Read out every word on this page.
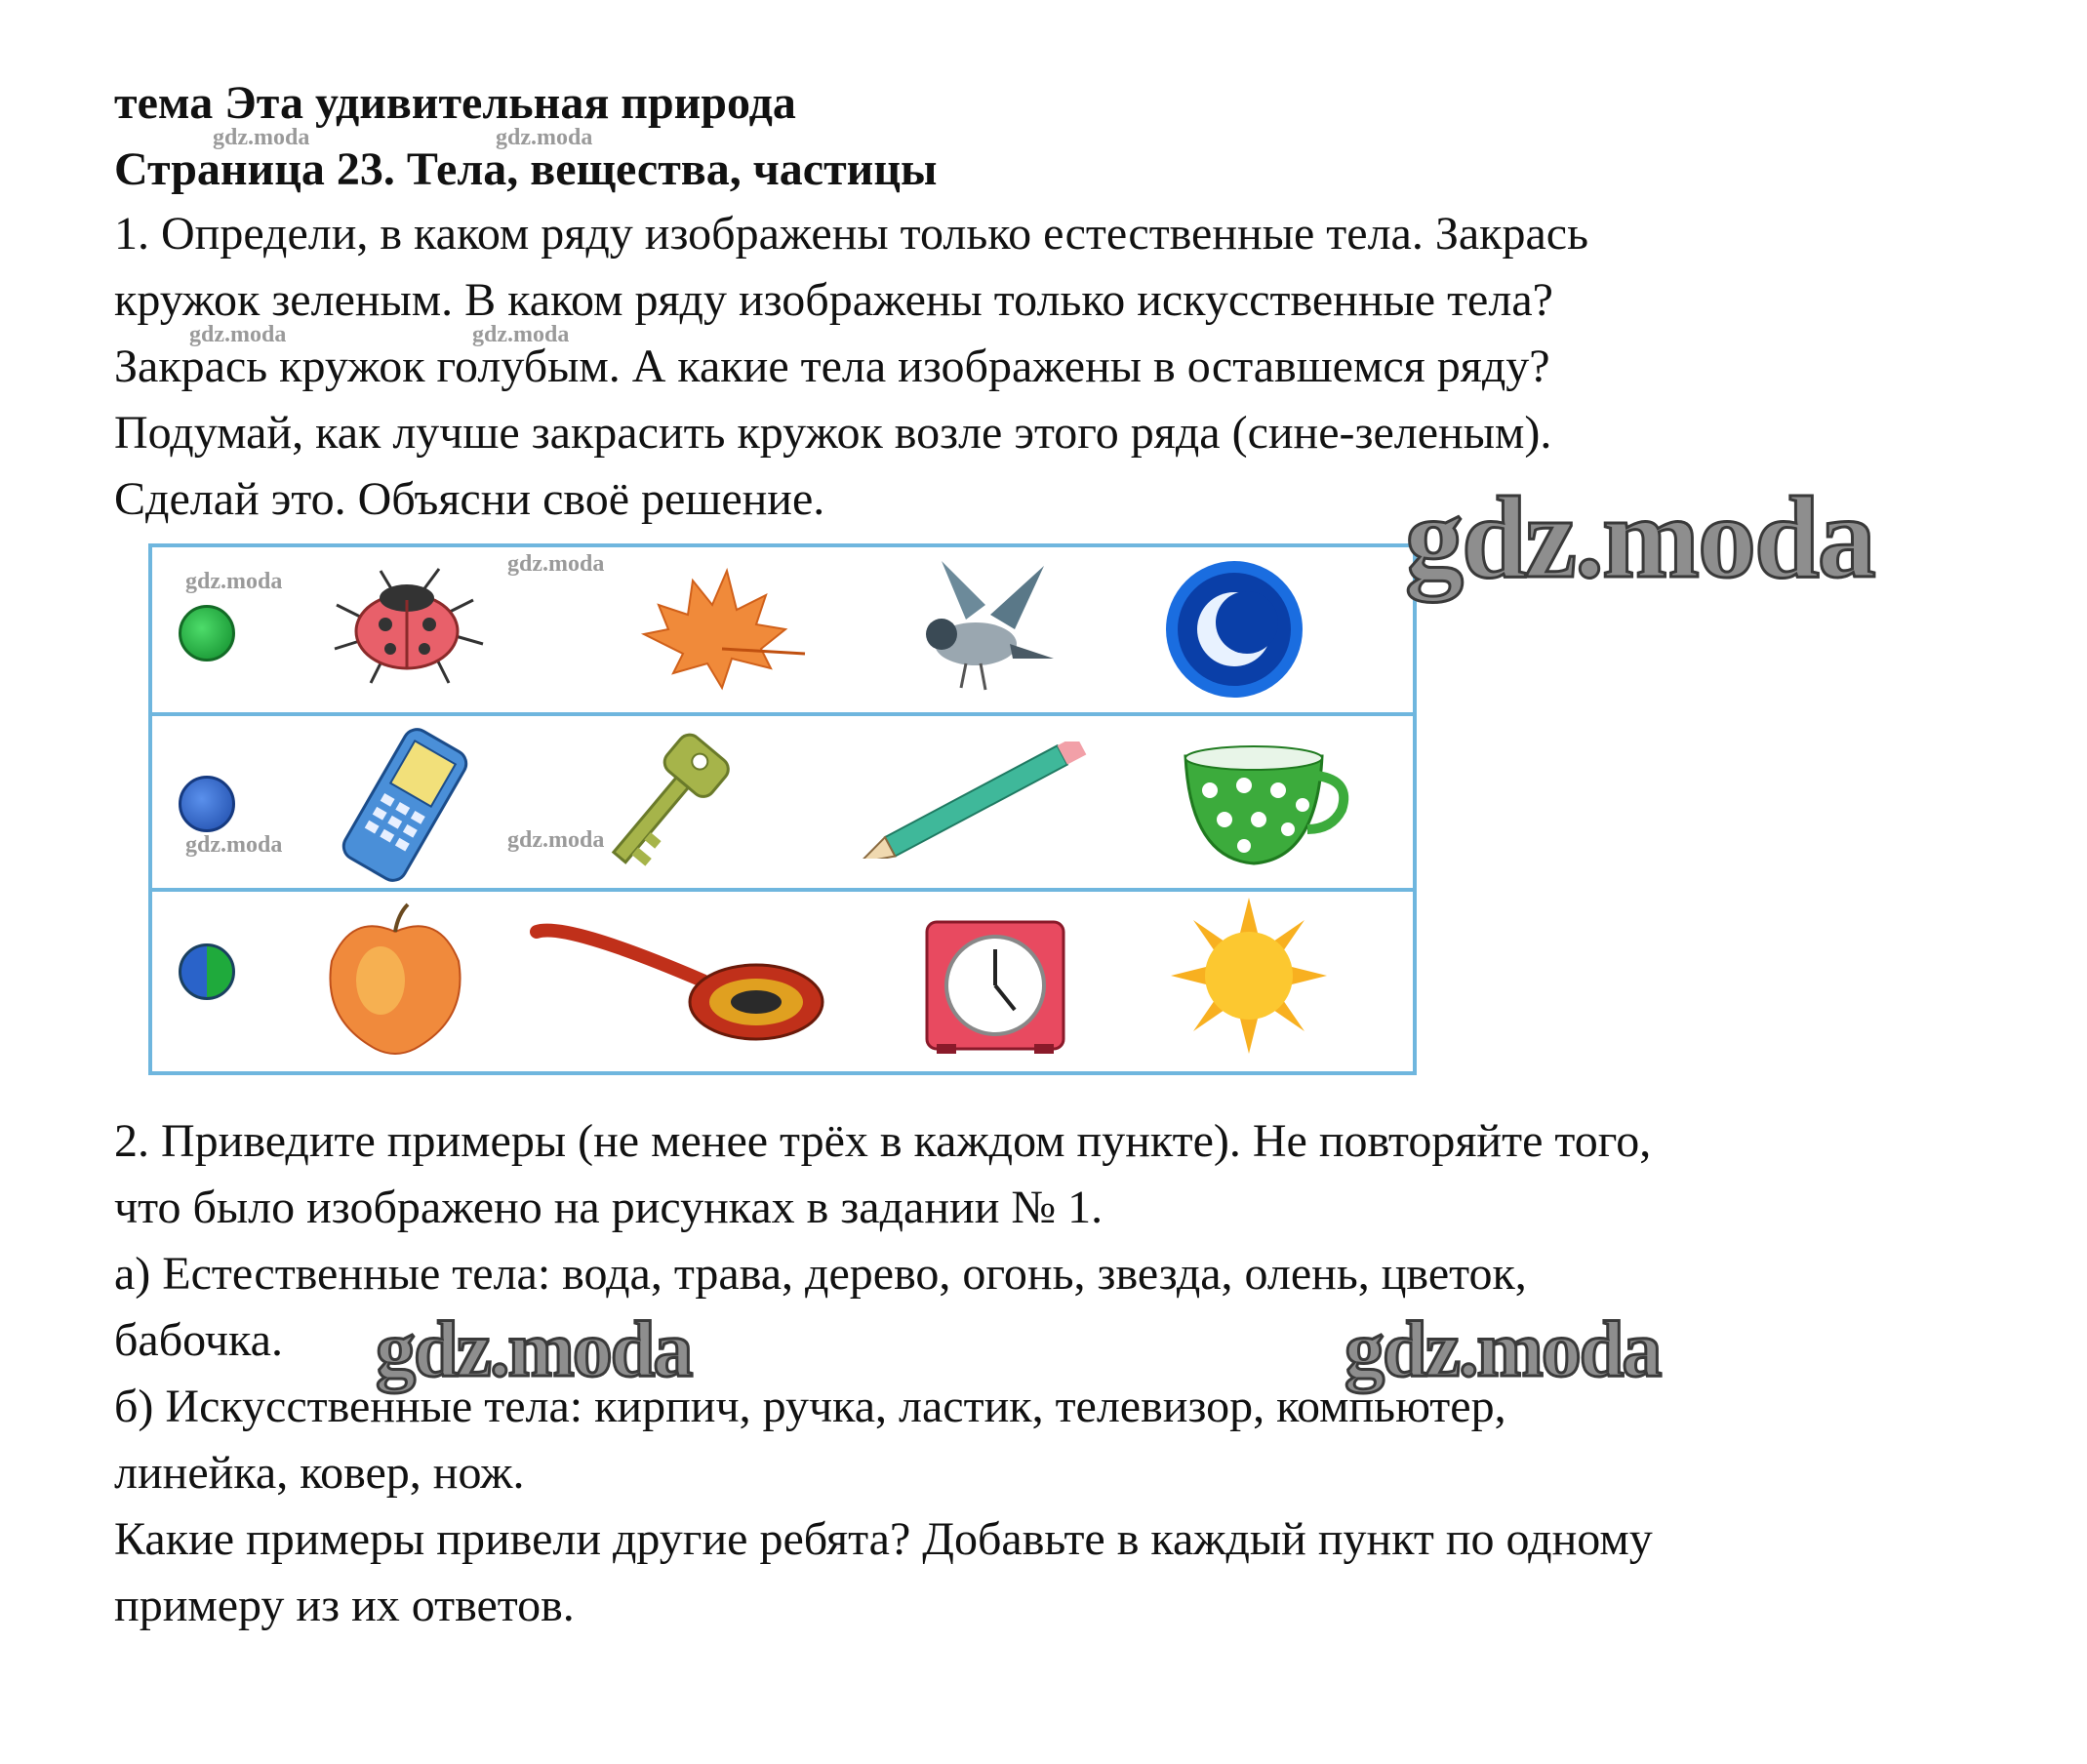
тема Эта удивительная природа
Страница 23. Тела, вещества, частицы
1. Определи, в каком ряду изображены только естественные тела. Закрась
кружок зеленым. В каком ряду изображены только искусственные тела?
Закрась кружок голубым. А какие тела изображены в оставшемся ряду?
Подумай, как лучше закрасить кружок возле этого ряда (сине-зеленым).
Сделай это. Объясни своё решение.
2. Приведите примеры (не менее трёх в каждом пункте). Не повторяйте того,
что было изображено на рисунках в задании № 1.
а) Естественные тела: вода, трава, дерево, огонь, звезда, олень, цветок,
бабочка.
б) Искусственные тела: кирпич, ручка, ластик, телевизор, компьютер,
линейка, ковер, нож.
Какие примеры привели другие ребята? Добавьте в каждый пункт по одному
примеру из их ответов.
gdz.moda	gdz.moda
gdz.moda	gdz.moda
gdz.moda
gdz.moda
gdz.moda	gdz.moda
gdz.moda
gdz.moda	gdz.moda
